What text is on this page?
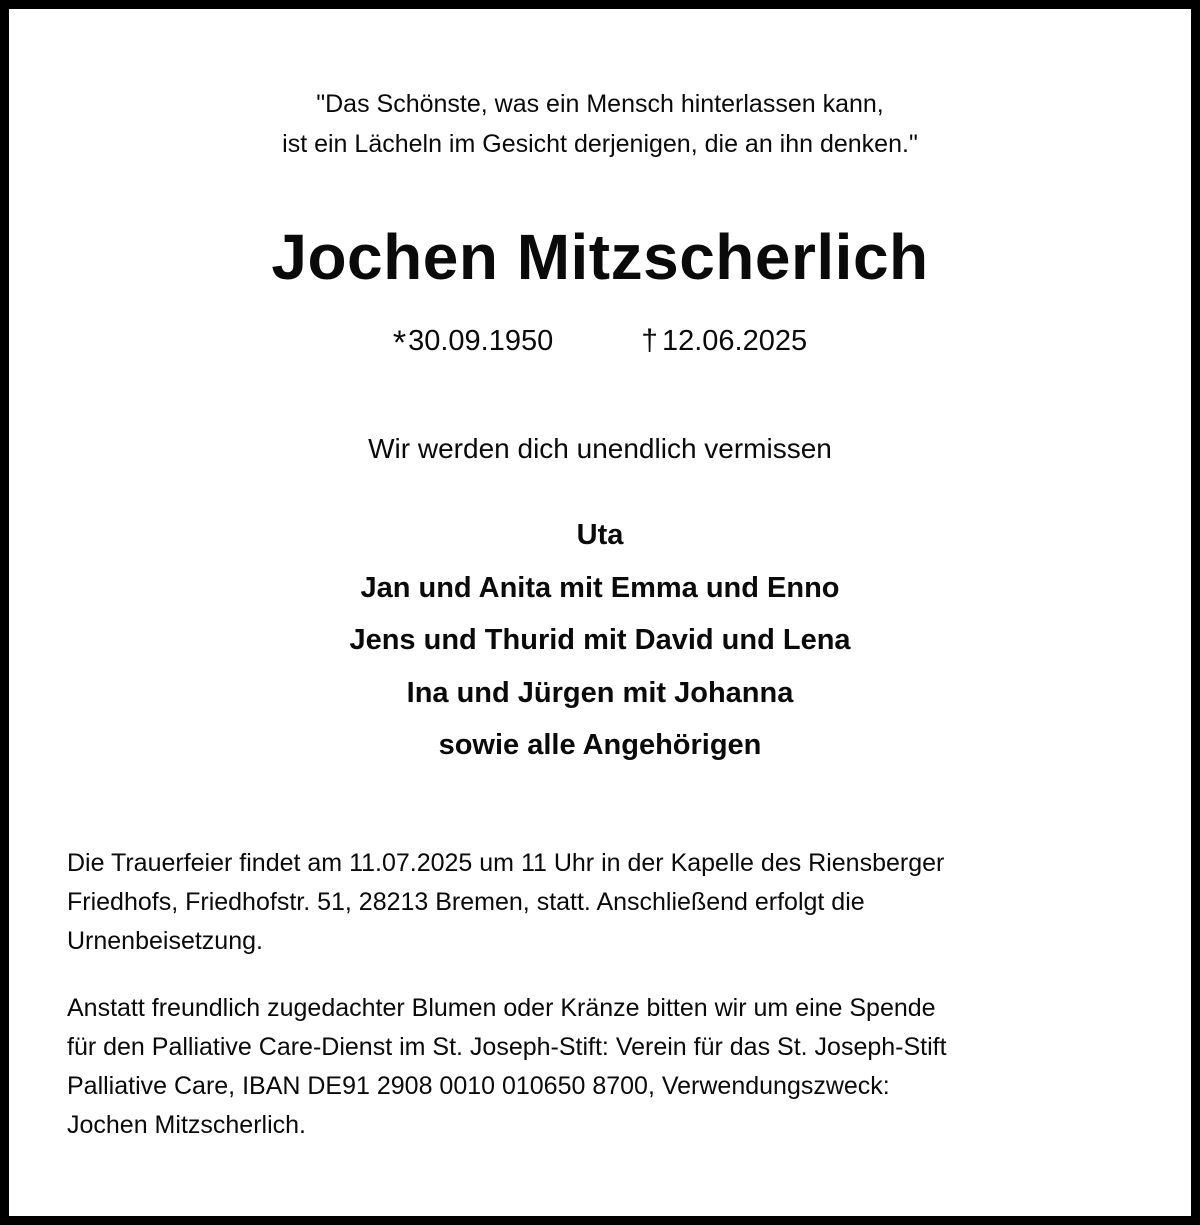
"Das Schönste, was ein Mensch hinterlassen kann,
ist ein Lächeln im Gesicht derjenigen, die an ihn denken."
Jochen Mitzscherlich
* 30.09.1950	† 12.06.2025
Wir werden dich unendlich vermissen
Uta
Jan und Anita mit Emma und Enno
Jens und Thurid mit David und Lena
Ina und Jürgen mit Johanna
sowie alle Angehörigen
Die Trauerfeier findet am 11.07.2025 um 11 Uhr in der Kapelle des Riensberger
Friedhofs, Friedhofstr. 51, 28213 Bremen, statt. Anschließend erfolgt die
Urnenbeisetzung.
Anstatt freundlich zugedachter Blumen oder Kränze bitten wir um eine Spende
für den Palliative Care-Dienst im St. Joseph-Stift: Verein für das St. Joseph-Stift
Palliative Care, IBAN DE91 2908 0010 010650 8700, Verwendungszweck:
Jochen Mitzscherlich.
